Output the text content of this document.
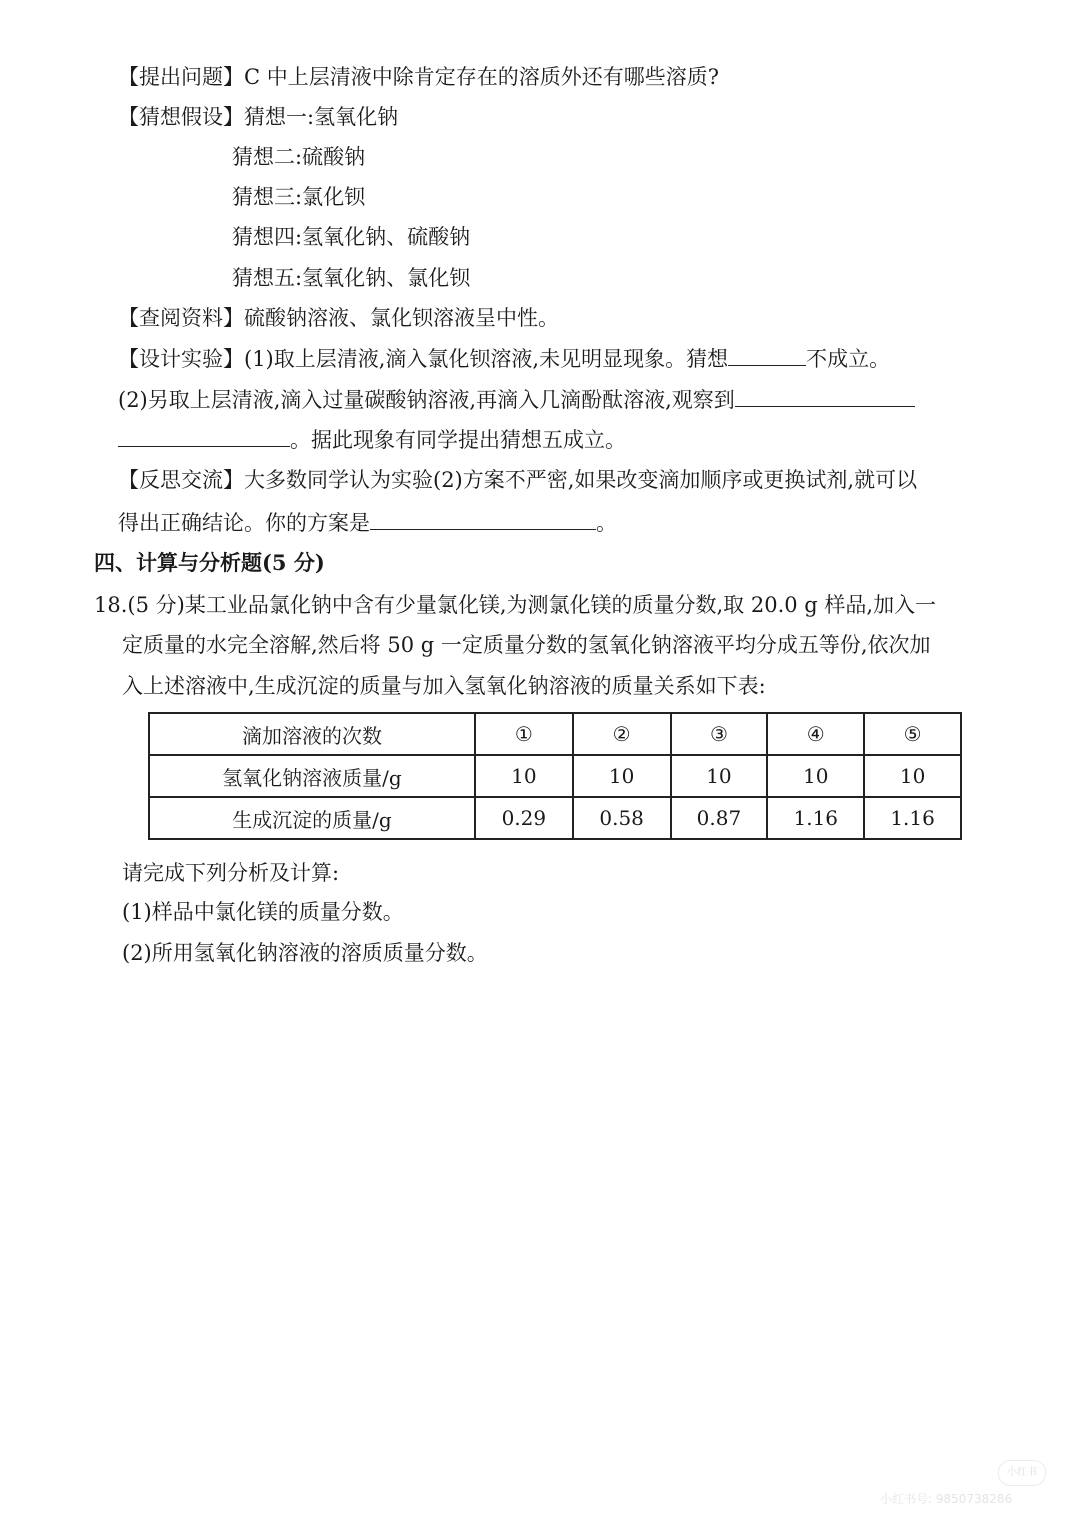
【提出问题】C 中上层清液中除肯定存在的溶质外还有哪些溶质?
【猜想假设】猜想一:氢氧化钠
猜想二:硫酸钠
猜想三:氯化钡
猜想四:氢氧化钠、硫酸钠
猜想五:氢氧化钠、氯化钡
【查阅资料】硫酸钠溶液、氯化钡溶液呈中性。
【设计实验】(1)取上层清液,滴入氯化钡溶液,未见明显现象。猜想	不成立。
(2)另取上层清液,滴入过量碳酸钠溶液,再滴入几滴酚酞溶液,观察到
。据此现象有同学提出猜想五成立。
【反思交流】大多数同学认为实验(2)方案不严密,如果改变滴加顺序或更换试剂,就可以
得出正确结论。你的方案是	。
四、计算与分析题(5 分)
18.(5 分)某工业品氯化钠中含有少量氯化镁,为测氯化镁的质量分数,取 20.0 g 样品,加入一
定质量的水完全溶解,然后将 50 g 一定质量分数的氢氧化钠溶液平均分成五等份,依次加
入上述溶液中,生成沉淀的质量与加入氢氧化钠溶液的质量关系如下表:
滴加溶液的次数	①	②	③	④	⑤
氢氧化钠溶液质量/g	10	10	10	10	10
生成沉淀的质量/g	0.29	0.58	0.87	1.16	1.16
请完成下列分析及计算:
(1)样品中氯化镁的质量分数。
(2)所用氢氧化钠溶液的溶质质量分数。
小红书
小红书号: 9850738286
